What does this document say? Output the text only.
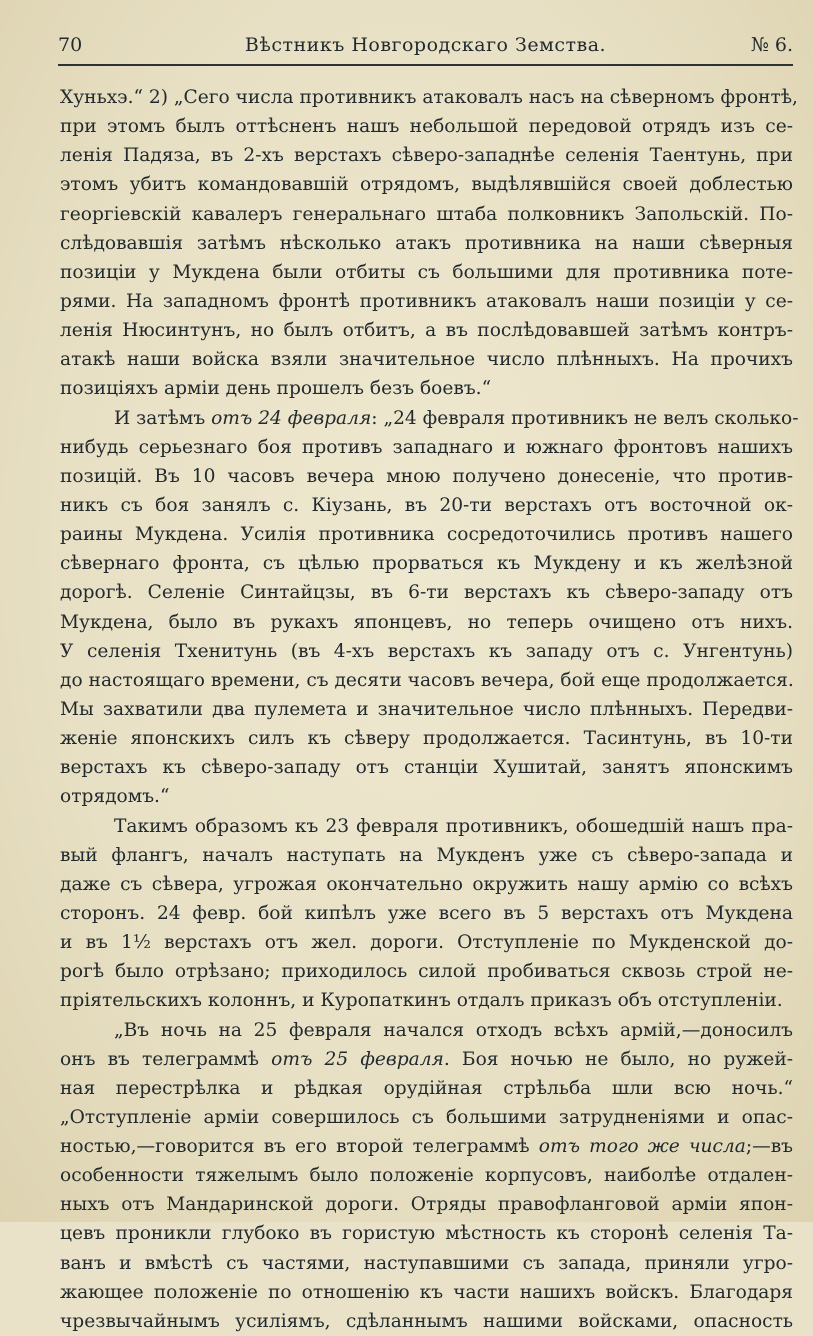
70	Вѣстникъ Новгородскаго Земства.	№ 6.
Хуньхэ.“ 2) „Сего числа противникъ атаковалъ насъ на сѣверномъ фронтѣ,
при этомъ былъ оттѣсненъ нашъ небольшой передовой отрядъ изъ се-
ленія Падяза, въ 2-хъ верстахъ сѣверо-западнѣе селенія Таентунь, при
этомъ убитъ командовавшій отрядомъ, выдѣлявшійся своей доблестью
георгіевскій кавалеръ генеральнаго штаба полковникъ Запольскій. По-
слѣдовавшія затѣмъ нѣсколько атакъ противника на наши сѣверныя
позиціи у Мукдена были отбиты съ большими для противника поте-
рями. На западномъ фронтѣ противникъ атаковалъ наши позиціи у се-
ленія Нюсинтунъ, но былъ отбитъ, а въ послѣдовавшей затѣмъ контръ-
атакѣ наши войска взяли значительное число плѣнныхъ. На прочихъ
позиціяхъ арміи день прошелъ безъ боевъ.“
И затѣмъ отъ 24 февраля: „24 февраля противникъ не велъ сколько-
нибудь серьезнаго боя противъ западнаго и южнаго фронтовъ нашихъ
позицій. Въ 10 часовъ вечера мною получено донесеніе, что против-
никъ съ боя занялъ с. Кіузань, въ 20-ти верстахъ отъ восточной ок-
раины Мукдена. Усилія противника сосредоточились противъ нашего
сѣвернаго фронта, съ цѣлью прорваться къ Мукдену и къ желѣзной
дорогѣ. Селеніе Синтайцзы, въ 6-ти верстахъ къ сѣверо-западу отъ
Мукдена, было въ рукахъ японцевъ, но теперь очищено отъ нихъ.
У селенія Тхенитунь (въ 4-хъ верстахъ къ западу отъ с. Унгентунь)
до настоящаго времени, съ десяти часовъ вечера, бой еще продолжается.
Мы захватили два пулемета и значительное число плѣнныхъ. Передви-
женіе японскихъ силъ къ сѣверу продолжается. Тасинтунь, въ 10-ти
верстахъ къ сѣверо-западу отъ станціи Хушитай, занятъ японскимъ
отрядомъ.“
Такимъ образомъ къ 23 февраля противникъ, обошедшій нашъ пра-
вый флангъ, началъ наступать на Мукденъ уже съ сѣверо-запада и
даже съ сѣвера, угрожая окончательно окружить нашу армію со всѣхъ
сторонъ. 24 февр. бой кипѣлъ уже всего въ 5 верстахъ отъ Мукдена
и въ 1½ верстахъ отъ жел. дороги. Отступленіе по Мукденской до-
рогѣ было отрѣзано; приходилось силой пробиваться сквозь строй не-
пріятельскихъ колоннъ, и Куропаткинъ отдалъ приказъ объ отступленіи.
„Въ ночь на 25 февраля начался отходъ всѣхъ армій,—доносилъ
онъ въ телеграммѣ отъ 25 февраля. Боя ночью не было, но ружей-
ная перестрѣлка и рѣдкая орудійная стрѣльба шли всю ночь.“
„Отступленіе арміи совершилось съ большими затрудненіями и опас-
ностью,—говорится въ его второй телеграммѣ отъ того же числа;—въ
особенности тяжелымъ было положеніе корпусовъ, наиболѣе отдален-
ныхъ отъ Мандаринской дороги. Отряды правофланговой арміи япон-
цевъ проникли глубоко въ гористую мѣстность къ сторонѣ селенія Та-
ванъ и вмѣстѣ съ частями, наступавшими съ запада, приняли угро-
жающее положеніе по отношенію къ части нашихъ войскъ. Благодаря
чрезвычайнымъ усиліямъ, сдѣланнымъ нашими войсками, опасность
